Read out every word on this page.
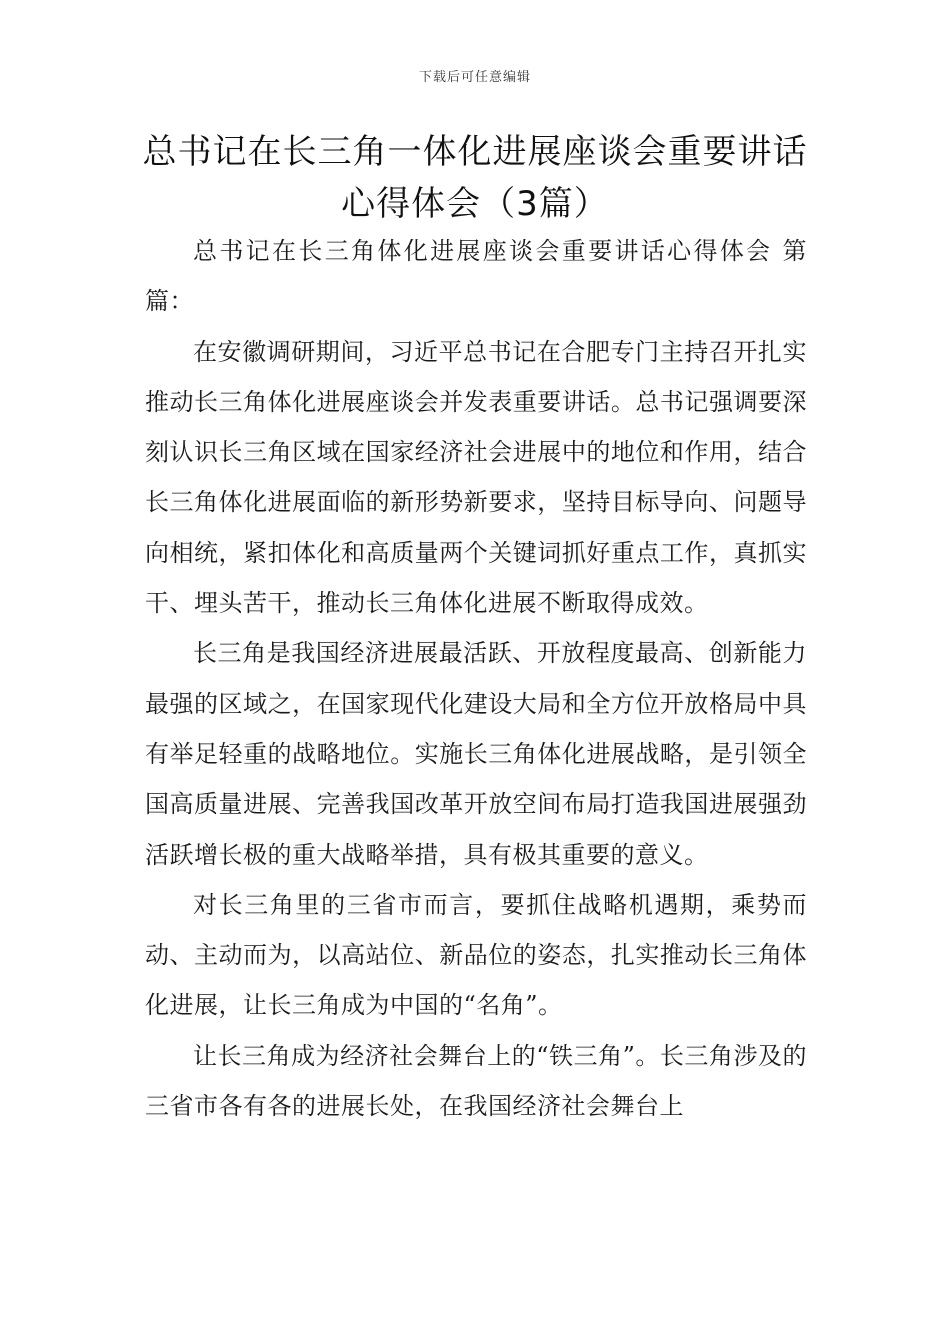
下载后可任意编辑
总书记在长三角一体化进展座谈会重要讲话心得体会（3篇）

总书记在长三角体化进展座谈会重要讲话心得体会 第篇：

在安徽调研期间，习近平总书记在合肥专门主持召开扎实推动长三角体化进展座谈会并发表重要讲话。总书记强调要深刻认识长三角区域在国家经济社会进展中的地位和作用，结合长三角体化进展面临的新形势新要求，坚持目标导向、问题导向相统，紧扣体化和高质量两个关键词抓好重点工作，真抓实干、埋头苦干，推动长三角体化进展不断取得成效。

长三角是我国经济进展最活跃、开放程度最高、创新能力最强的区域之，在国家现代化建设大局和全方位开放格局中具有举足轻重的战略地位。实施长三角体化进展战略，是引领全国高质量进展、完善我国改革开放空间布局打造我国进展强劲活跃增长极的重大战略举措，具有极其重要的意义。

对长三角里的三省市而言，要抓住战略机遇期，乘势而动、主动而为，以高站位、新品位的姿态，扎实推动长三角体化进展，让长三角成为中国的“名角”。

让长三角成为经济社会舞台上的“铁三角”。长三角涉及的三省市各有各的进展长处，在我国经济社会舞台上
